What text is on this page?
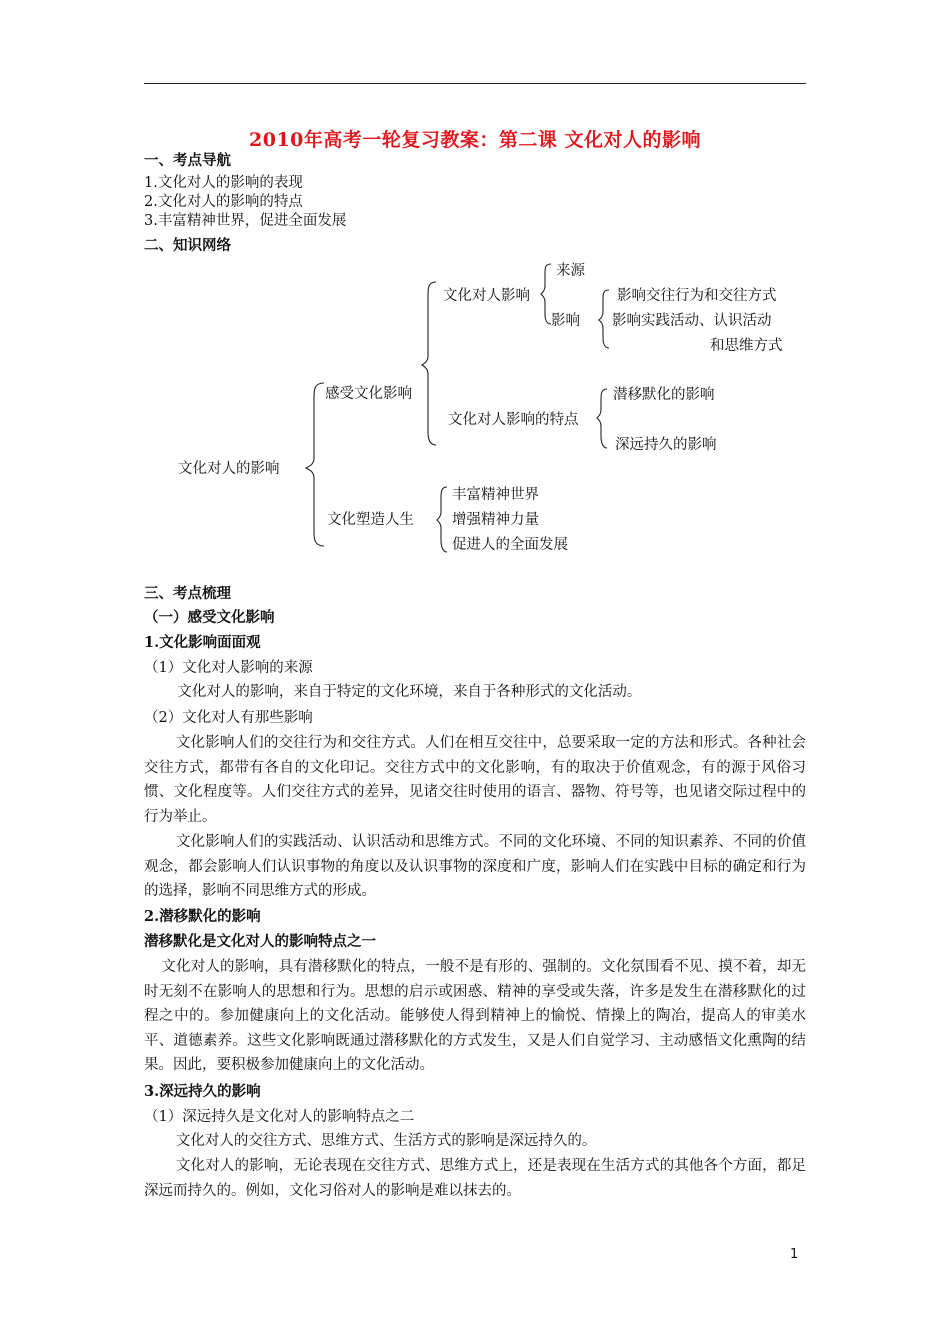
2010年高考一轮复习教案：第二课 文化对人的影响
一、考点导航
1.文化对人的影响的表现
2.文化对人的影响的特点
3.丰富精神世界，促进全面发展
二、知识网络
文化对人的影响
感受文化影响
文化对人影响
来源
影响
影响交往行为和交往方式
影响实践活动、认识活动
和思维方式
文化对人影响的特点
潜移默化的影响
深远持久的影响
文化塑造人生
丰富精神世界
增强精神力量
促进人的全面发展
三、考点梳理
（一）感受文化影响
1.文化影响面面观
（1）文化对人影响的来源
文化对人的影响，来自于特定的文化环境，来自于各种形式的文化活动。
（2）文化对人有那些影响
文化影响人们的交往行为和交往方式。人们在相互交往中，总要采取一定的方法和形式。各种社会交往方式，都带有各自的文化印记。交往方式中的文化影响，有的取决于价值观念，有的源于风俗习惯、文化程度等。人们交往方式的差异，见诸交往时使用的语言、器物、符号等，也见诸交际过程中的行为举止。
文化影响人们的实践活动、认识活动和思维方式。不同的文化环境、不同的知识素养、不同的价值观念，都会影响人们认识事物的角度以及认识事物的深度和广度，影响人们在实践中目标的确定和行为的选择，影响不同思维方式的形成。
2.潜移默化的影响
潜移默化是文化对人的影响特点之一
文化对人的影响，具有潜移默化的特点，一般不是有形的、强制的。文化氛围看不见、摸不着，却无时无刻不在影响人的思想和行为。思想的启示或困惑、精神的享受或失落，许多是发生在潜移默化的过程之中的。参加健康向上的文化活动。能够使人得到精神上的愉悦、情操上的陶冶，提高人的审美水平、道德素养。这些文化影响既通过潜移默化的方式发生，又是人们自觉学习、主动感悟文化熏陶的结果。因此，要积极参加健康向上的文化活动。
3.深远持久的影响
（1）深远持久是文化对人的影响特点之二
文化对人的交往方式、思维方式、生活方式的影响是深远持久的。
文化对人的影响，无论表现在交往方式、思维方式上，还是表现在生活方式的其他各个方面，都足深远而持久的。例如，文化习俗对人的影响是难以抹去的。
1
